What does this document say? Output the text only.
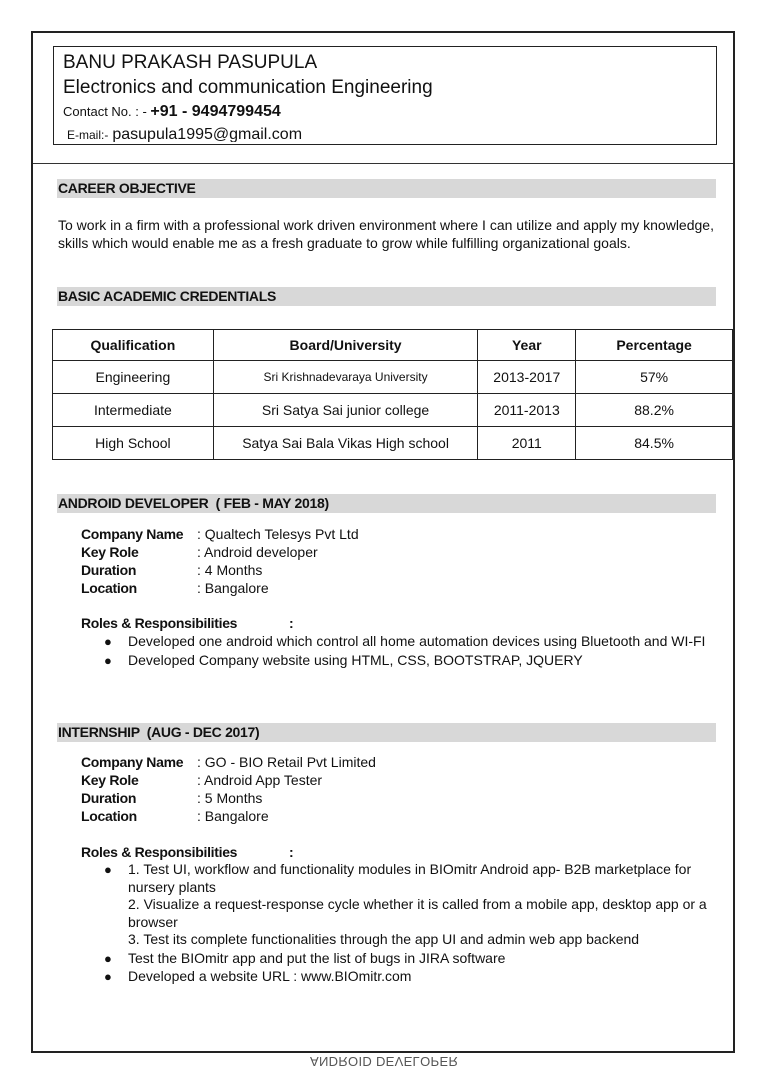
BANU PRAKASH PASUPULA
Electronics and communication Engineering
Contact No. : - +91 - 9494799454
E-mail:- pasupula1995@gmail.com
CAREER OBJECTIVE
To work in a firm with a professional work driven environment where I can utilize and apply my knowledge, skills which would enable me as a fresh graduate to grow while fulfilling organizational goals.
BASIC ACADEMIC CREDENTIALS
Qualification	Board/University	Year	Percentage
Engineering	Sri Krishnadevaraya University	2013-2017	57%
Intermediate	Sri Satya Sai junior college	2011-2013	88.2%
High School	Satya Sai Bala Vikas High school	2011	84.5%
ANDROID DEVELOPER  ( FEB - MAY 2018)
Company Name : Qualtech Telesys Pvt Ltd
Key Role	: Android developer
Duration	: 4 Months
Location	: Bangalore
Roles & Responsibilities	:
● Developed one android which control all home automation devices using Bluetooth and WI-FI
● Developed Company website using HTML, CSS, BOOTSTRAP, JQUERY
INTERNSHIP  (AUG - DEC 2017)
Company Name : GO - BIO Retail Pvt Limited
Key Role	: Android App Tester
Duration	: 5 Months
Location	: Bangalore
Roles & Responsibilities	:
● 1. Test UI, workflow and functionality modules in BIOmitr Android app- B2B marketplace for nursery plants
2. Visualize a request-response cycle whether it is called from a mobile app, desktop app or a browser
3. Test its complete functionalities through the app UI and admin web app backend
● Test the BIOmitr app and put the list of bugs in JIRA software
● Developed a website URL : www.BIOmitr.com
ANDROID DEVELOPER
